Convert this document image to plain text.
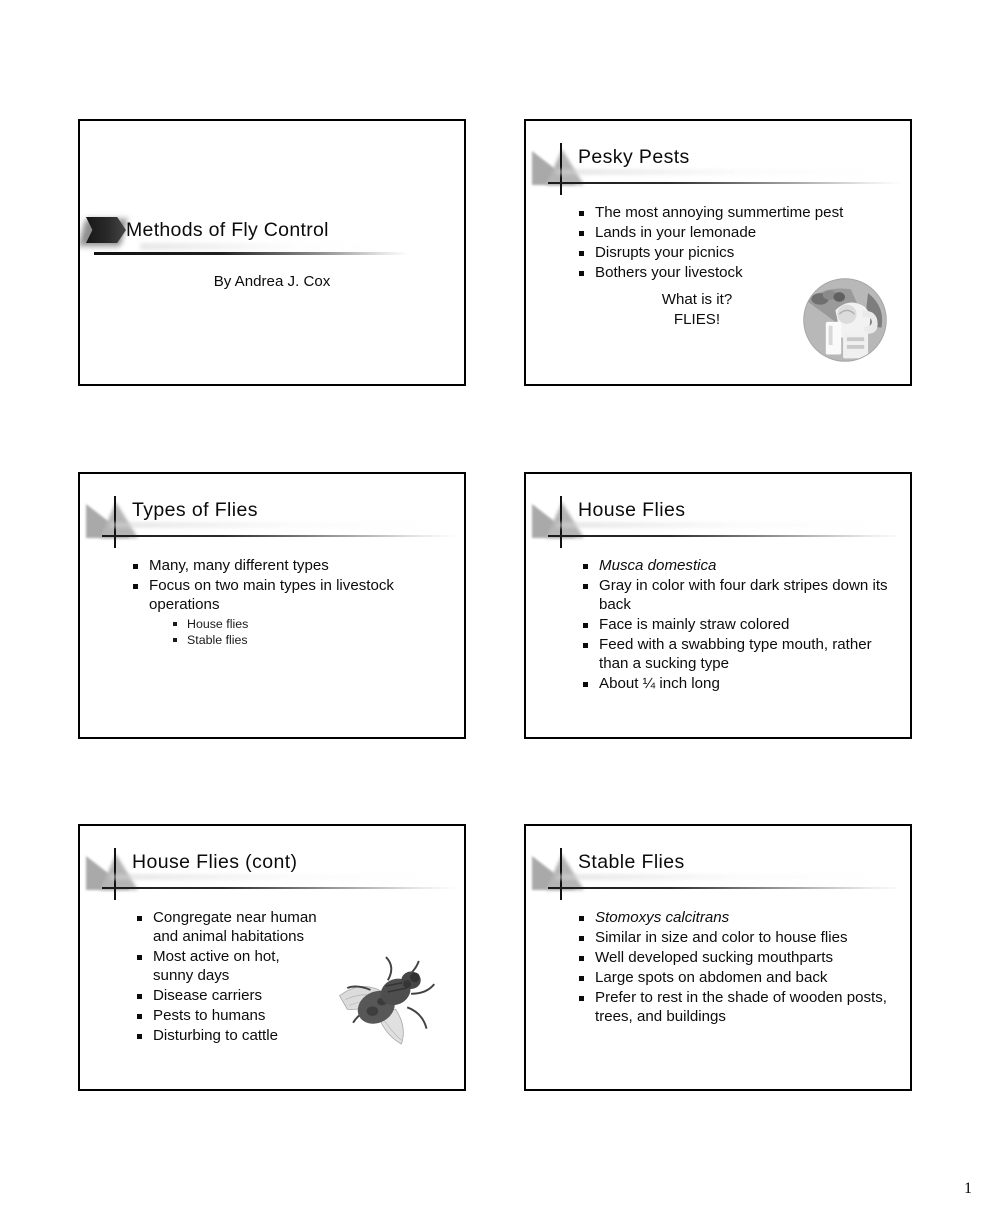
Methods of Fly Control
By Andrea J. Cox
Pesky Pests
The most annoying summertime pest
Lands in your lemonade
Disrupts your picnics
Bothers your livestock
What is it?
FLIES!
Types of Flies
Many, many different types
Focus on two main types in livestock operations
House flies
Stable flies
House Flies
Musca domestica
Gray in color with four dark stripes down its back
Face is mainly straw colored
Feed with a swabbing type mouth, rather than a sucking type
About ¼ inch long
House Flies (cont)
Congregate near human and animal habitations
Most active on hot, sunny days
Disease carriers
Pests to humans
Disturbing to cattle
Stable Flies
Stomoxys calcitrans
Similar in size and color to house flies
Well developed sucking mouthparts
Large spots on abdomen and back
Prefer to rest in the shade of wooden posts, trees, and buildings
1
